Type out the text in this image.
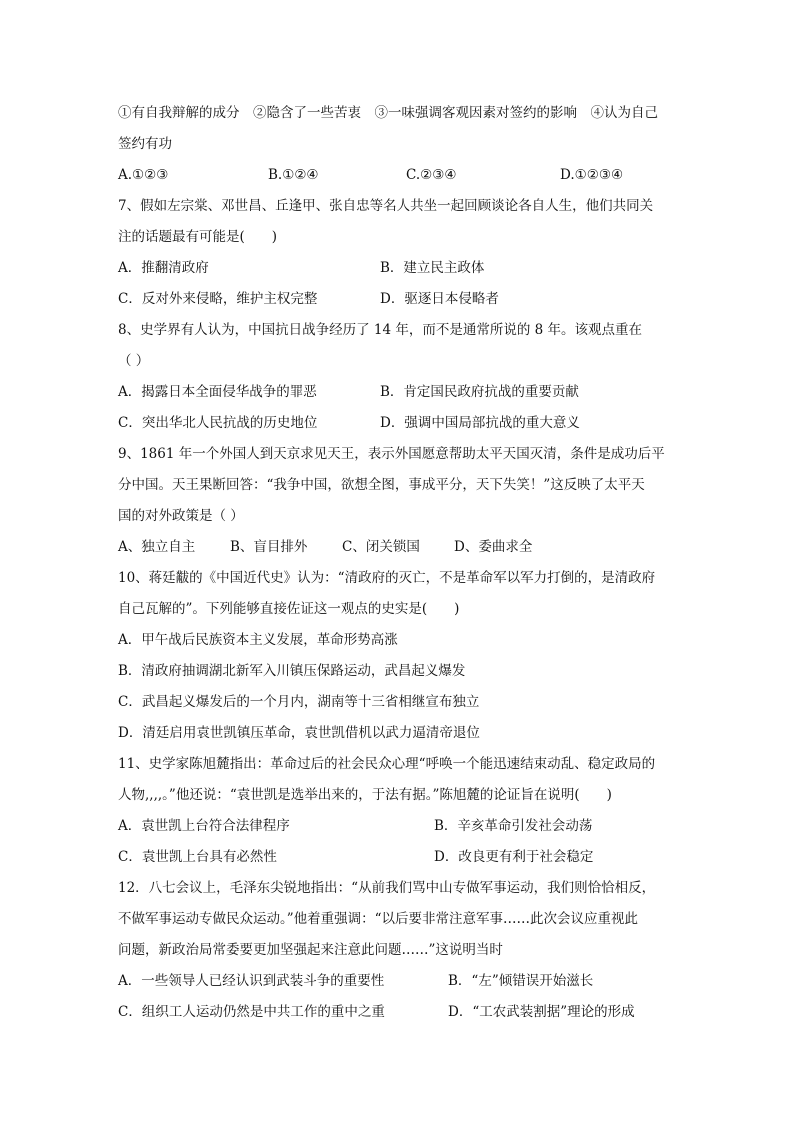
①有自我辩解的成分　②隐含了一些苦衷　③一味强调客观因素对签约的影响　④认为自己
签约有功
A.①②③	B.①②④	C.②③④	D.①②③④
7、假如左宗棠、邓世昌、丘逢甲、张自忠等名人共坐一起回顾谈论各自人生，他们共同关
注的话题最有可能是(　　)
A．推翻清政府	B．建立民主政体
C．反对外来侵略，维护主权完整	D．驱逐日本侵略者
8、史学界有人认为，中国抗日战争经历了 14 年，而不是通常所说的 8 年。该观点重在
（ ）
A．揭露日本全面侵华战争的罪恶	B．肯定国民政府抗战的重要贡献
C．突出华北人民抗战的历史地位	D．强调中国局部抗战的重大意义
9、1861 年一个外国人到天京求见天王，表示外国愿意帮助太平天国灭清，条件是成功后平
分中国。天王果断回答：“我争中国，欲想全图，事成平分，天下失笑！”这反映了太平天
国的对外政策是（ ）
A、独立自主	B、盲目排外	C、闭关锁国	D、委曲求全
10、蒋廷黻的《中国近代史》认为：“清政府的灭亡，不是革命军以军力打倒的，是清政府
自己瓦解的”。下列能够直接佐证这一观点的史实是(　　)
A．甲午战后民族资本主义发展，革命形势高涨
B．清政府抽调湖北新军入川镇压保路运动，武昌起义爆发
C．武昌起义爆发后的一个月内，湖南等十三省相继宣布独立
D．清廷启用袁世凯镇压革命，袁世凯借机以武力逼清帝退位
11、史学家陈旭麓指出：革命过后的社会民众心理“呼唤一个能迅速结束动乱、稳定政局的
人物,,,,。”他还说：“袁世凯是选举出来的，于法有据。”陈旭麓的论证旨在说明(　　)
A．袁世凯上台符合法律程序	B．辛亥革命引发社会动荡
C．袁世凯上台具有必然性	D．改良更有利于社会稳定
12．八七会议上，毛泽东尖锐地指出：“从前我们骂中山专做军事运动，我们则恰恰相反，
不做军事运动专做民众运动。”他着重强调：“以后要非常注意军事……此次会议应重视此
问题，新政治局常委要更加坚强起来注意此问题……”这说明当时
A．一些领导人已经认识到武装斗争的重要性	B．“左”倾错误开始滋长
C．组织工人运动仍然是中共工作的重中之重	D．“工农武装割据”理论的形成
